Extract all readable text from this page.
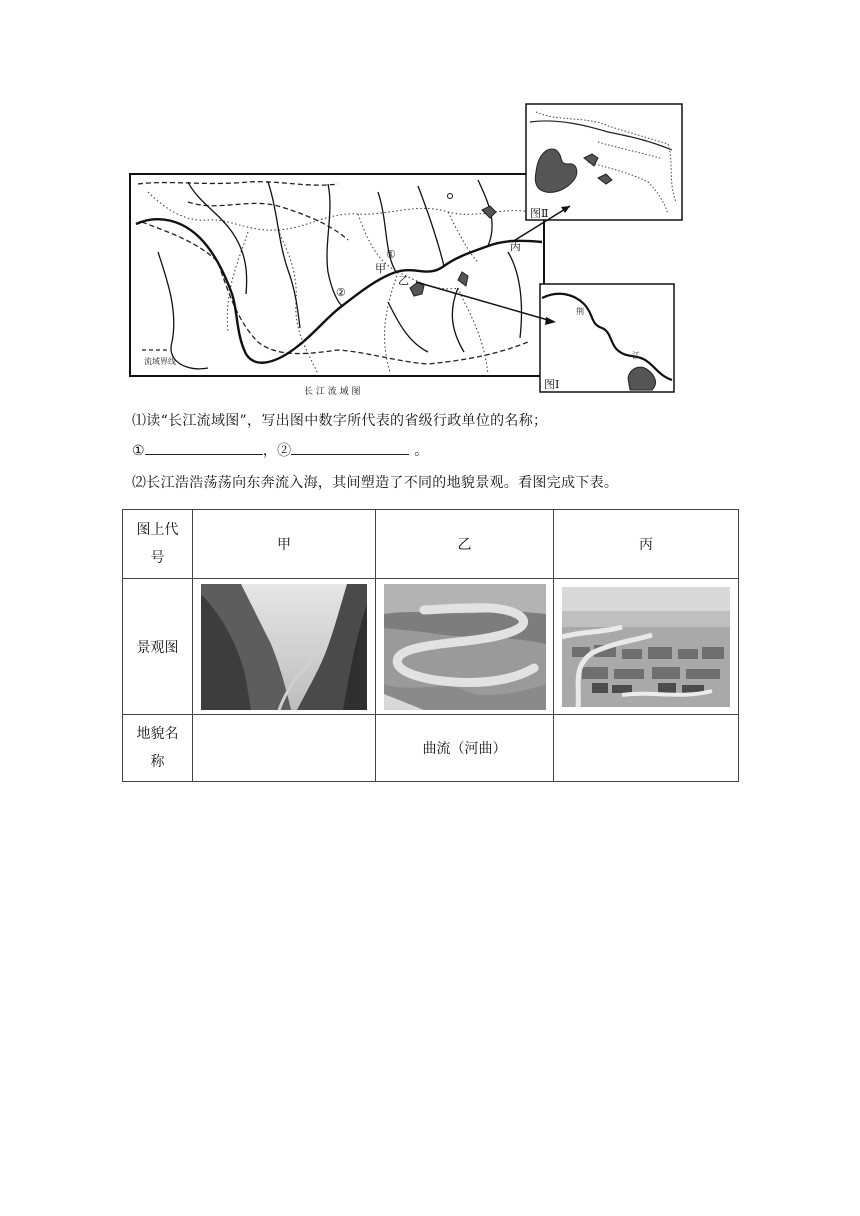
流域界线
①
甲
乙
②
丙
图Ⅱ
荆
江
图Ⅰ
长 江 流 域 图
⑴读“长江流域图”，写出图中数字所代表的省级行政单位的名称；
①	，②	。
⑵长江浩浩荡荡向东奔流入海，其间塑造了不同的地貌景观。看图完成下表。
图上代
号	甲	乙	丙
景观图	

地貌名
称		曲流（河曲）	
